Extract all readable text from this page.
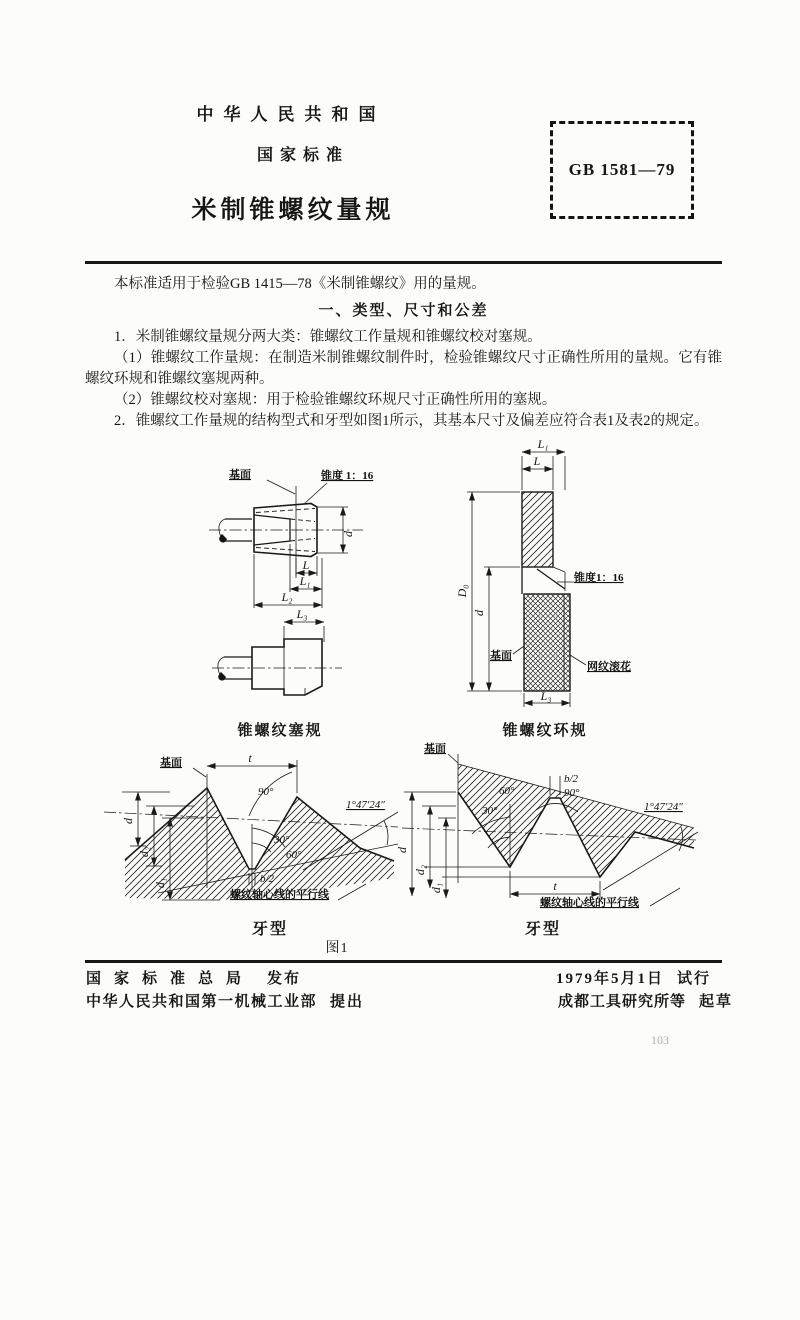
中华人民共和国
国家标准
GB 1581—79
米制锥螺纹量规

本标准适用于检验GB 1415—78《米制锥螺纹》用的量规。

一、类型、尺寸和公差

1．米制锥螺纹量规分两大类：锥螺纹工作量规和锥螺纹校对塞规。

（1）锥螺纹工作量规：在制造米制锥螺纹制件时，检验锥螺纹尺寸正确性所用的量规。它有锥螺纹环规和锥螺纹塞规两种。

（2）锥螺纹校对塞规：用于检验锥螺纹环规尺寸正确性所用的塞规。

2．锥螺纹工作量规的结构型式和牙型如图1所示，其基本尺寸及偏差应符合表1及表2的规定。

基面	锥度 1：16
d
L
L₁
L₂
L₃
锥螺纹塞规
L₁
L
锥度1：16
D₀
d
基面
网纹滚花
L₃
锥螺纹环规
基面	t
90°
30°
60°
1°47′24″
b/2
d
d₂
d₁
螺纹轴心线的平行线
基面
b/2
60°
30°
90°
1°47′24″
d
d₂
d₁	t
螺纹轴心线的平行线
牙型	牙型
图1
国家标准总局 发布
中华人民共和国第一机械工业部 提出
1979年5月1日 试行
成都工具研究所等 起草
103
